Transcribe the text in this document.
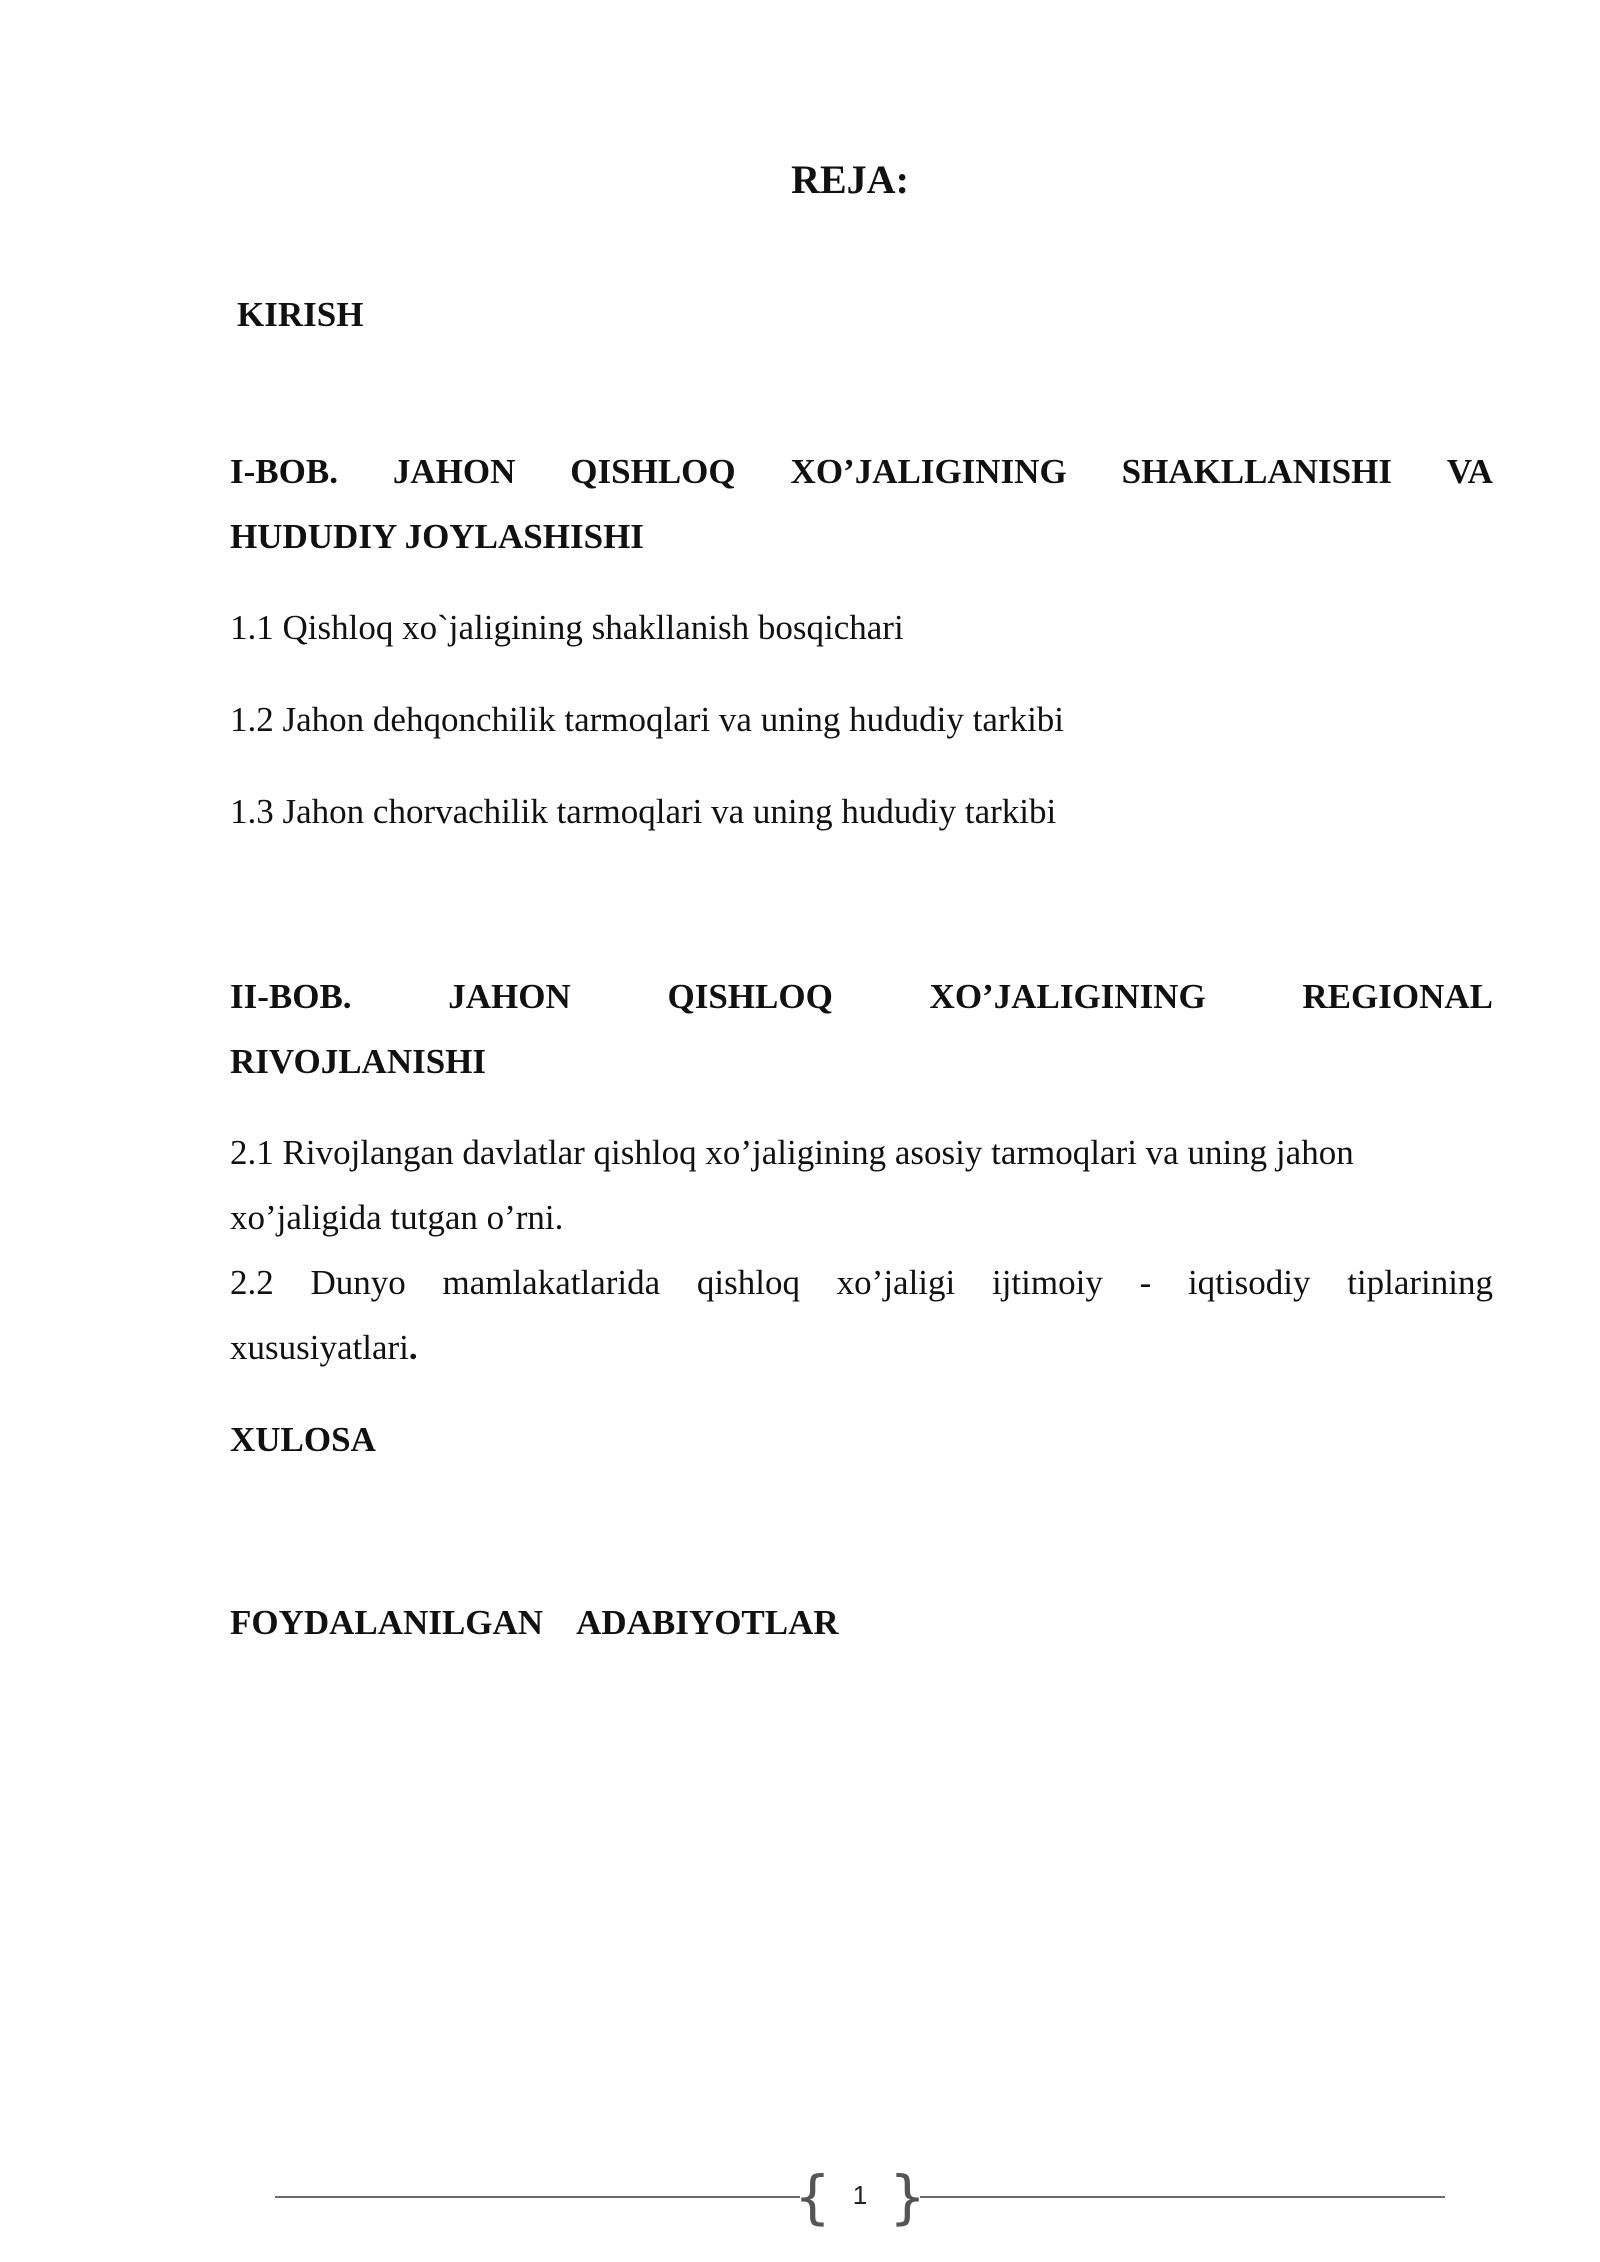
REJA:
KIRISH
I-BOB. JAHON QISHLOQ XO’JALIGINING SHAKLLANISHI VA
HUDUDIY JOYLASHISHI
1.1 Qishloq xo`jaligining shakllanish bosqichari
1.2 Jahon dehqonchilik tarmoqlari va uning hududiy tarkibi
1.3 Jahon chorvachilik tarmoqlari va uning hududiy tarkibi
II-BOB.	JAHON	QISHLOQ	XO’JALIGINING	REGIONAL
RIVOJLANISHI
2.1 Rivojlangan davlatlar qishloq xo’jaligining asosiy tarmoqlari va uning jahon
xo’jaligida tutgan o’rni.
2.2 Dunyo mamlakatlarida qishloq xo’jaligi ijtimoiy - iqtisodiy tiplarining
xususiyatlari.
XULOSA
FOYDALANILGAN    ADABIYOTLAR
{ }
1
